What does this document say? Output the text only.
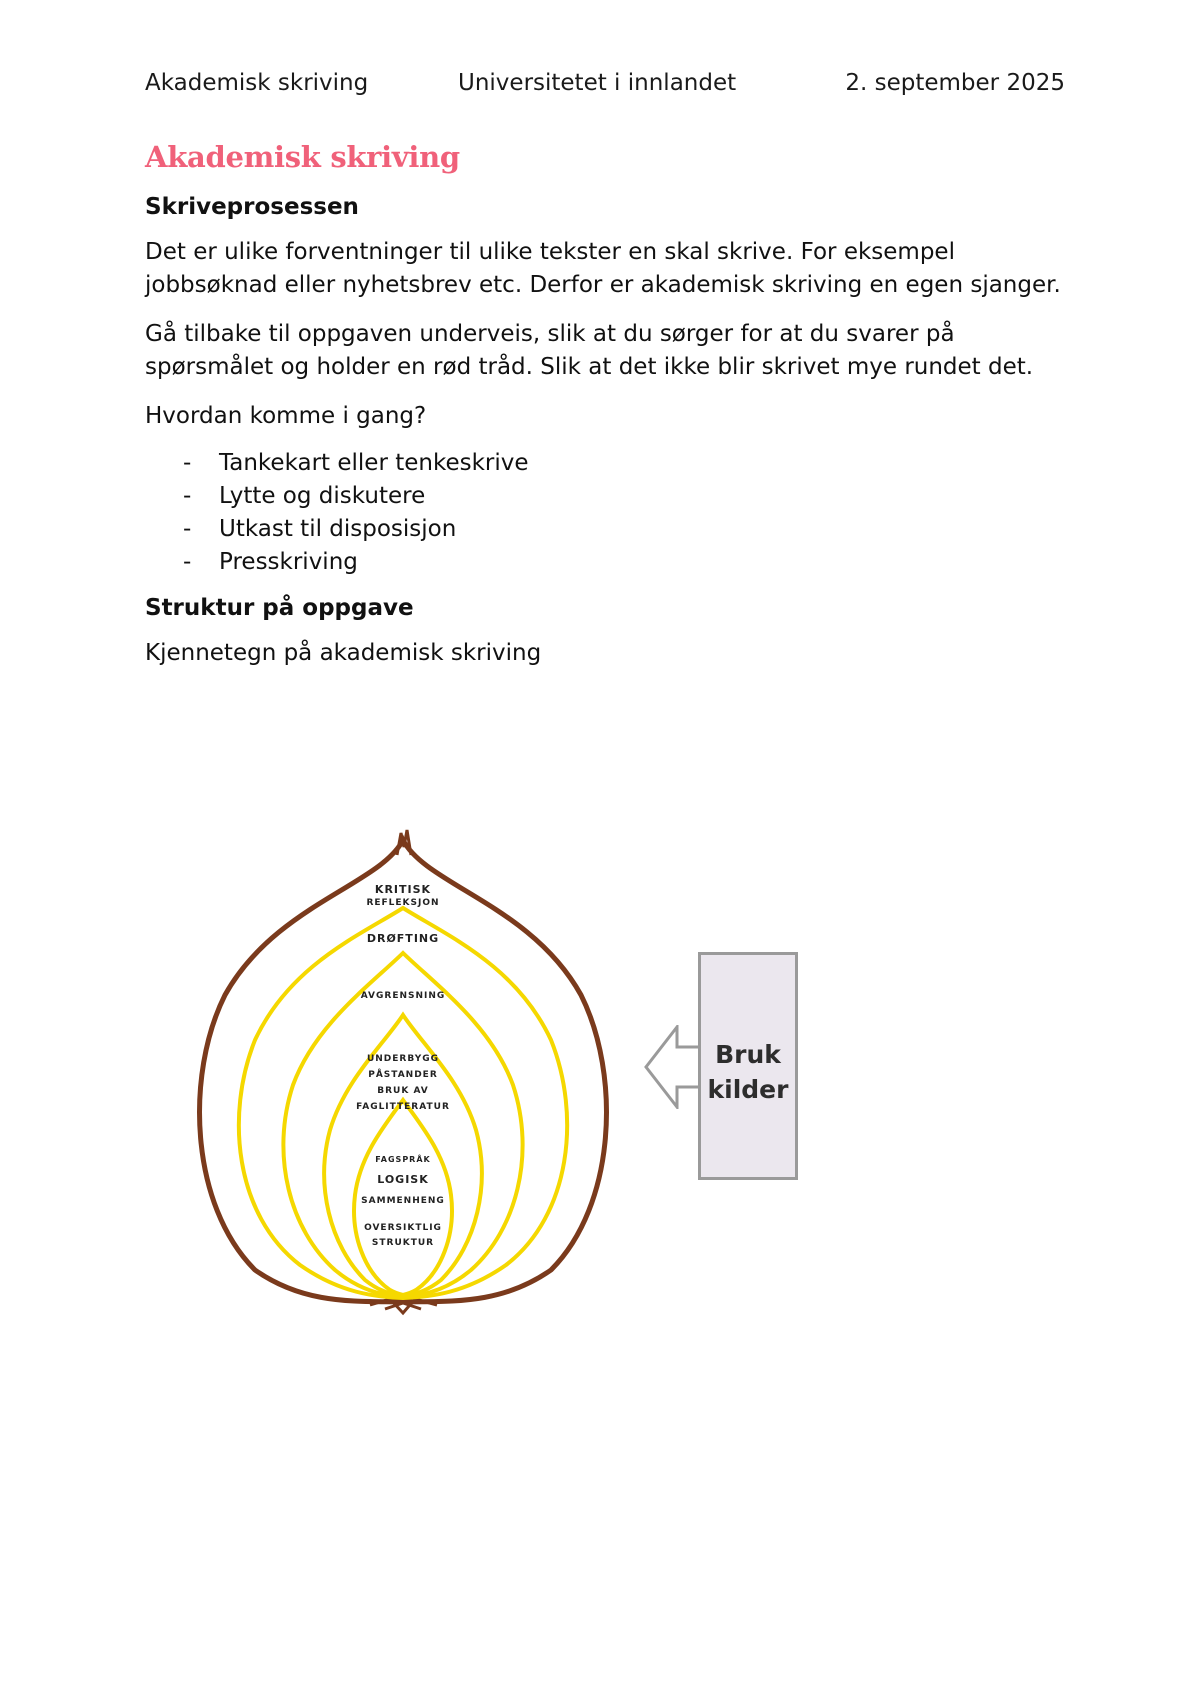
Akademisk skriving	Universitetet i innlandet	2. september 2025
Akademisk skriving
Skriveprosessen

Det er ulike forventninger til ulike tekster en skal skrive. For eksempel jobbsøknad eller nyhetsbrev etc. Derfor er akademisk skriving en egen sjanger.

Gå tilbake til oppgaven underveis, slik at du sørger for at du svarer på spørsmålet og holder en rød tråd. Slik at det ikke blir skrivet mye rundet det.

Hvordan komme i gang?

- Tankekart eller tenkeskrive
- Lytte og diskutere
- Utkast til disposisjon
- Presskriving
Struktur på oppgave

Kjennetegn på akademisk skriving

KRITISK
REFLEKSJON
DRØFTING
AVGRENSNING
UNDERBYGG
PÅSTANDER
BRUK AV
FAGLITTERATUR
FAGSPRÅK
LOGISK
SAMMENHENG
OVERSIKTLIG
STRUKTUR
Bruk
kilder
